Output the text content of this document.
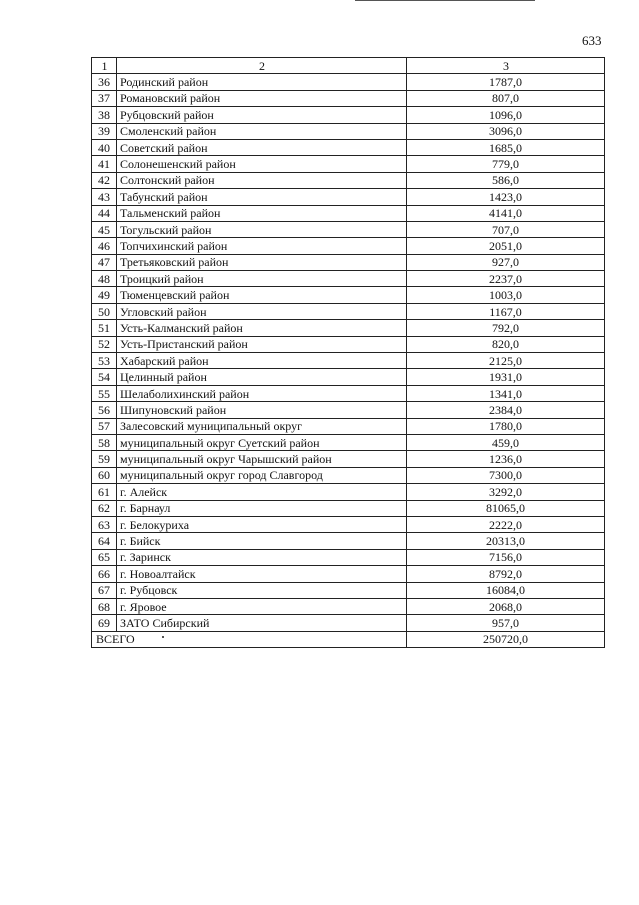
633
1	2	3
36	Родинский район	1787,0
37	Романовский район	807,0
38	Рубцовский район	1096,0
39	Смоленский район	3096,0
40	Советский район	1685,0
41	Солонешенский район	779,0
42	Солтонский район	586,0
43	Табунский район	1423,0
44	Тальменский район	4141,0
45	Тогульский район	707,0
46	Топчихинский район	2051,0
47	Третьяковский район	927,0
48	Троицкий район	2237,0
49	Тюменцевский район	1003,0
50	Угловский район	1167,0
51	Усть-Калманский район	792,0
52	Усть-Пристанский район	820,0
53	Хабарский район	2125,0
54	Целинный район	1931,0
55	Шелаболихинский район	1341,0
56	Шипуновский район	2384,0
57	Залесовский муниципальный округ	1780,0
58	муниципальный округ Суетский район	459,0
59	муниципальный округ Чарышский район	1236,0
60	муниципальный округ город Славгород	7300,0
61	г. Алейск	3292,0
62	г. Барнаул	81065,0
63	г. Белокуриха	2222,0
64	г. Бийск	20313,0
65	г. Заринск	7156,0
66	г. Новоалтайск	8792,0
67	г. Рубцовск	16084,0
68	г. Яровое	2068,0
69	ЗАТО Сибирский	957,0
ВСЕГО		250720,0
